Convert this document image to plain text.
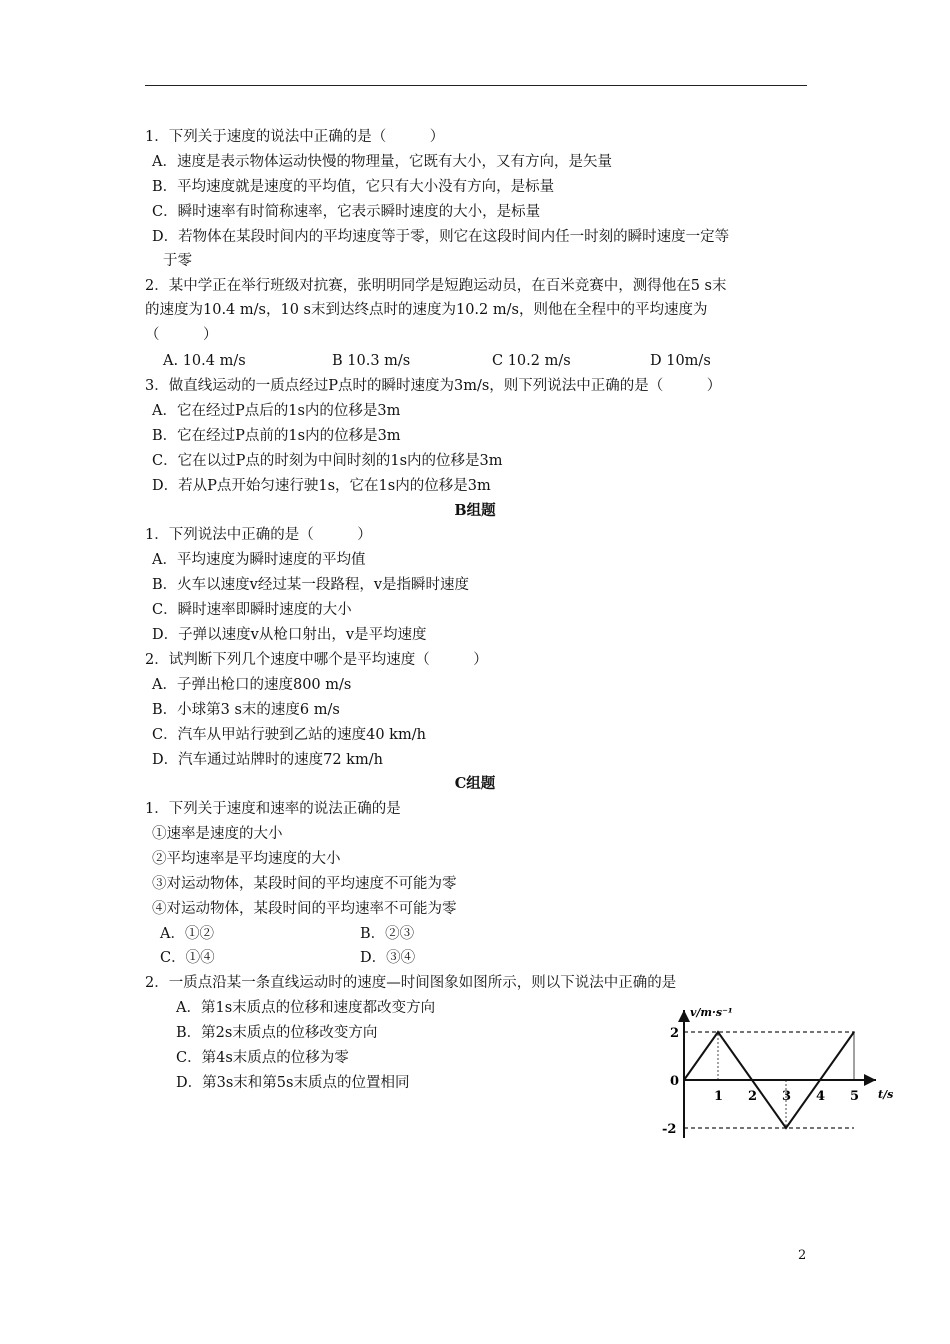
1．下列关于速度的说法中正确的是（　　　）
A．速度是表示物体运动快慢的物理量，它既有大小，又有方向，是矢量
B．平均速度就是速度的平均值，它只有大小没有方向，是标量
C．瞬时速率有时简称速率，它表示瞬时速度的大小，是标量
D．若物体在某段时间内的平均速度等于零，则它在这段时间内任一时刻的瞬时速度一定等
于零
2．某中学正在举行班级对抗赛，张明明同学是短跑运动员，在百米竞赛中，测得他在5 s末
的速度为10.4 m/s，10 s末到达终点时的速度为10.2 m/s，则他在全程中的平均速度为
（　　　）
A. 10.4 m/s	B 10.3 m/s	C 10.2 m/s	D 10m/s
3．做直线运动的一质点经过P点时的瞬时速度为3m/s，则下列说法中正确的是（　　　）
A．它在经过P点后的1s内的位移是3m
B．它在经过P点前的1s内的位移是3m
C．它在以过P点的时刻为中间时刻的1s内的位移是3m
D．若从P点开始匀速行驶1s，它在1s内的位移是3m
B组题
1．下列说法中正确的是（　　　）
A．平均速度为瞬时速度的平均值
B．火车以速度v经过某一段路程，v是指瞬时速度
C．瞬时速率即瞬时速度的大小
D．子弹以速度v从枪口射出，v是平均速度
2．试判断下列几个速度中哪个是平均速度（　　　）
A．子弹出枪口的速度800 m/s
B．小球第3 s末的速度6 m/s
C．汽车从甲站行驶到乙站的速度40 km/h
D．汽车通过站牌时的速度72 km/h
C组题
1．下列关于速度和速率的说法正确的是
①速率是速度的大小
②平均速率是平均速度的大小
③对运动物体，某段时间的平均速度不可能为零
④对运动物体，某段时间的平均速率不可能为零
A．①②	B．②③
C．①④	D．③④
2．一质点沿某一条直线运动时的速度—时间图象如图所示，则以下说法中正确的是
A．第1s末质点的位移和速度都改变方向
B．第2s末质点的位移改变方向
C．第4s末质点的位移为零
D．第3s末和第5s末质点的位置相同
v/m·s⁻¹
t/s
1 2 3 4 5
2
0
-2
2
